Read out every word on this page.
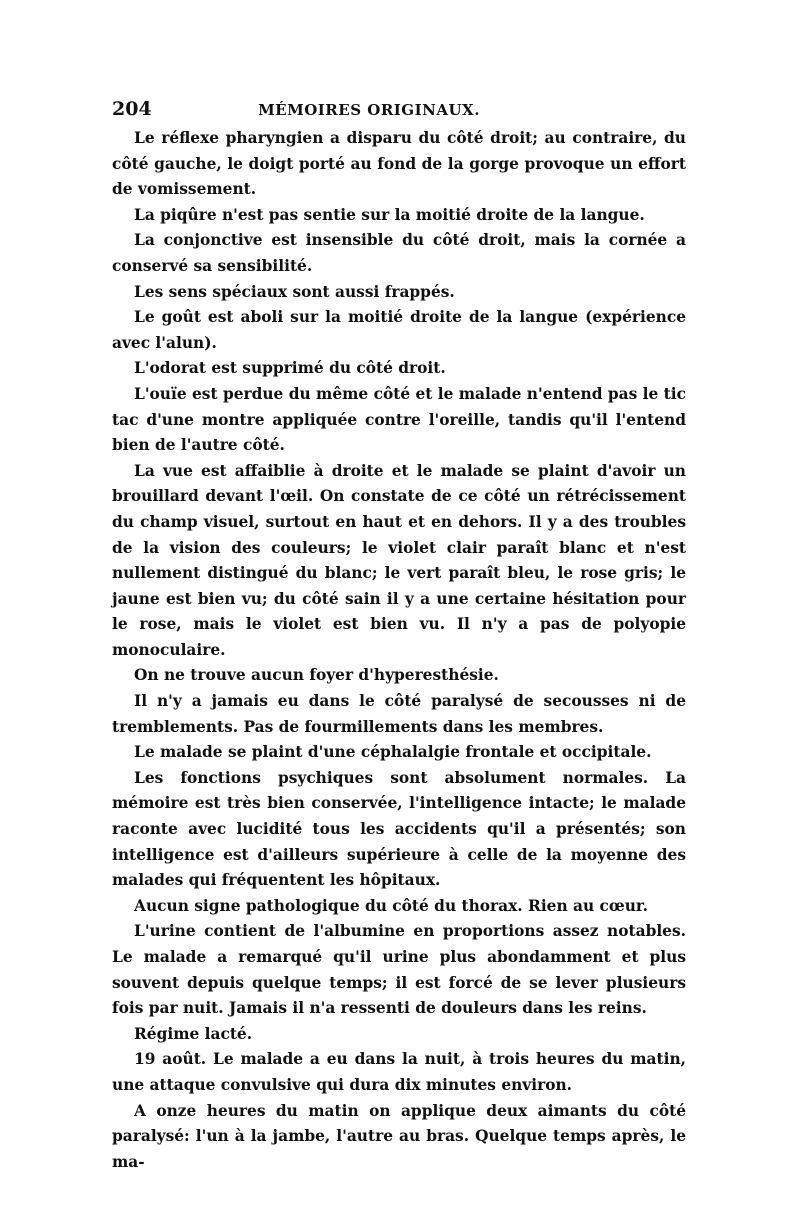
204	MÉMOIRES ORIGINAUX.

Le réflexe pharyngien a disparu du côté droit; au contraire, du côté gauche, le doigt porté au fond de la gorge provoque un effort de vomissement.

La piqûre n'est pas sentie sur la moitié droite de la langue.

La conjonctive est insensible du côté droit, mais la cornée a conservé sa sensibilité.

Les sens spéciaux sont aussi frappés.

Le goût est aboli sur la moitié droite de la langue (expérience avec l'alun).

L'odorat est supprimé du côté droit.

L'ouïe est perdue du même côté et le malade n'entend pas le tic tac d'une montre appliquée contre l'oreille, tandis qu'il l'entend bien de l'autre côté.

La vue est affaiblie à droite et le malade se plaint d'avoir un brouillard devant l'œil. On constate de ce côté un rétrécissement du champ visuel, surtout en haut et en dehors. Il y a des troubles de la vision des couleurs; le violet clair paraît blanc et n'est nullement distingué du blanc; le vert paraît bleu, le rose gris; le jaune est bien vu; du côté sain il y a une certaine hésitation pour le rose, mais le violet est bien vu. Il n'y a pas de polyopie monoculaire.

On ne trouve aucun foyer d'hyperesthésie.

Il n'y a jamais eu dans le côté paralysé de secousses ni de tremblements. Pas de fourmillements dans les membres.

Le malade se plaint d'une céphalalgie frontale et occipitale.

Les fonctions psychiques sont absolument normales. La mémoire est très bien conservée, l'intelligence intacte; le malade raconte avec lucidité tous les accidents qu'il a présentés; son intelligence est d'ailleurs supérieure à celle de la moyenne des malades qui fréquentent les hôpitaux.

Aucun signe pathologique du côté du thorax. Rien au cœur.

L'urine contient de l'albumine en proportions assez notables. Le malade a remarqué qu'il urine plus abondamment et plus souvent depuis quelque temps; il est forcé de se lever plusieurs fois par nuit. Jamais il n'a ressenti de douleurs dans les reins.

Régime lacté.

19 août. Le malade a eu dans la nuit, à trois heures du matin, une attaque convulsive qui dura dix minutes environ.

A onze heures du matin on applique deux aimants du côté paralysé: l'un à la jambe, l'autre au bras. Quelque temps après, le ma-
